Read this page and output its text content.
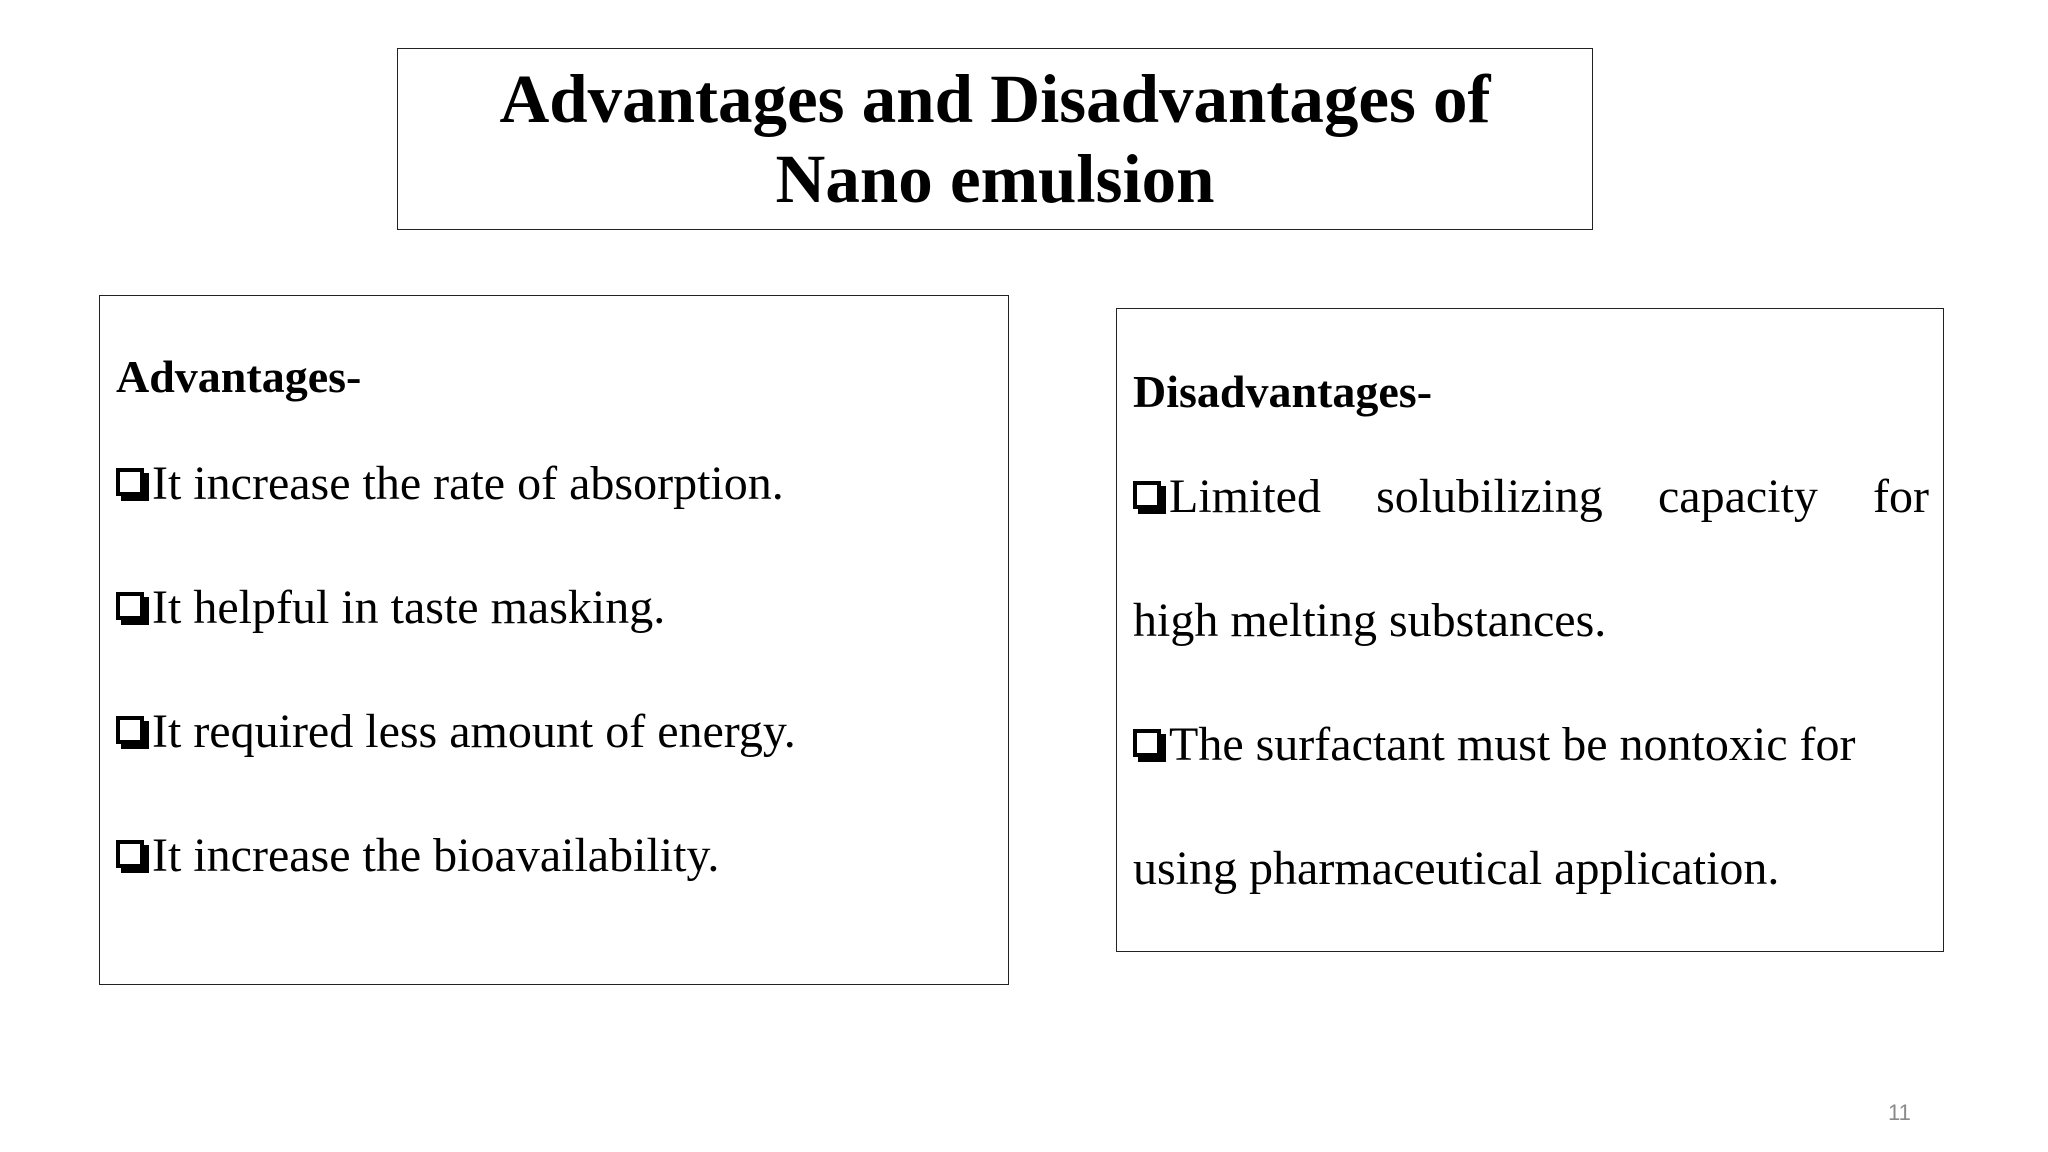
Advantages and Disadvantages of
Nano emulsion
Advantages-
It increase the rate of absorption.
It helpful in taste masking.
It required less amount of energy.
It increase the bioavailability.
Disadvantages-
Limited solubilizing capacity for
high melting substances.
The surfactant must be nontoxic for
using pharmaceutical application.
11
